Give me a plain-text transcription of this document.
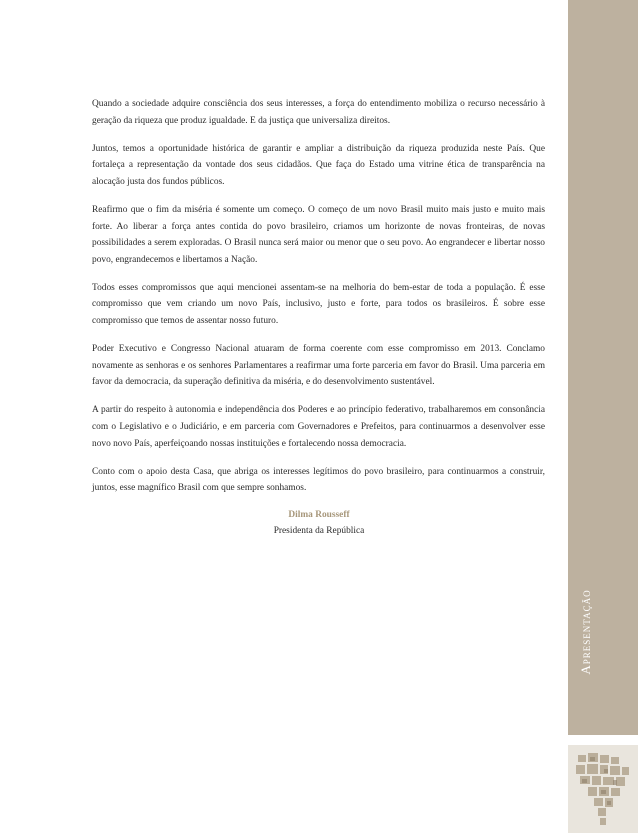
Quando a sociedade adquire consciência dos seus interesses, a força do entendimento mobiliza o recurso necessário à geração da riqueza que produz igualdade. E da justiça que universaliza direitos.

Juntos, temos a oportunidade histórica de garantir e ampliar a distribuição da riqueza produzida neste País. Que fortaleça a representação da vontade dos seus cidadãos. Que faça do Estado uma vitrine ética de transparência na alocação justa dos fundos públicos.

Reafirmo que o fim da miséria é somente um começo. O começo de um novo Brasil muito mais justo e muito mais forte. Ao liberar a força antes contida do povo brasileiro, criamos um horizonte de novas fronteiras, de novas possibilidades a serem exploradas. O Brasil nunca será maior ou menor que o seu povo. Ao engrandecer e libertar nosso povo, engrandecemos e libertamos a Nação.

Todos esses compromissos que aqui mencionei assentam-se na melhoria do bem-estar de toda a população. É esse compromisso que vem criando um novo País, inclusivo, justo e forte, para todos os brasileiros. É sobre esse compromisso que temos de assentar nosso futuro.

Poder Executivo e Congresso Nacional atuaram de forma coerente com esse compromisso em 2013. Conclamo novamente as senhoras e os senhores Parlamentares a reafirmar uma forte parceria em favor do Brasil. Uma parceria em favor da democracia, da superação definitiva da miséria, e do desenvolvimento sustentável.

A partir do respeito à autonomia e independência dos Poderes e ao princípio federativo, trabalharemos em consonância com o Legislativo e o Judiciário, e em parceria com Governadores e Prefeitos, para continuarmos a desenvolver esse novo novo País, aperfeiçoando nossas instituições e fortalecendo nossa democracia.

Conto com o apoio desta Casa, que abriga os interesses legítimos do povo brasileiro, para continuarmos a construir, juntos, esse magnífico Brasil com que sempre sonhamos.

Dilma Rousseff
Presidenta da República
Apresentação
